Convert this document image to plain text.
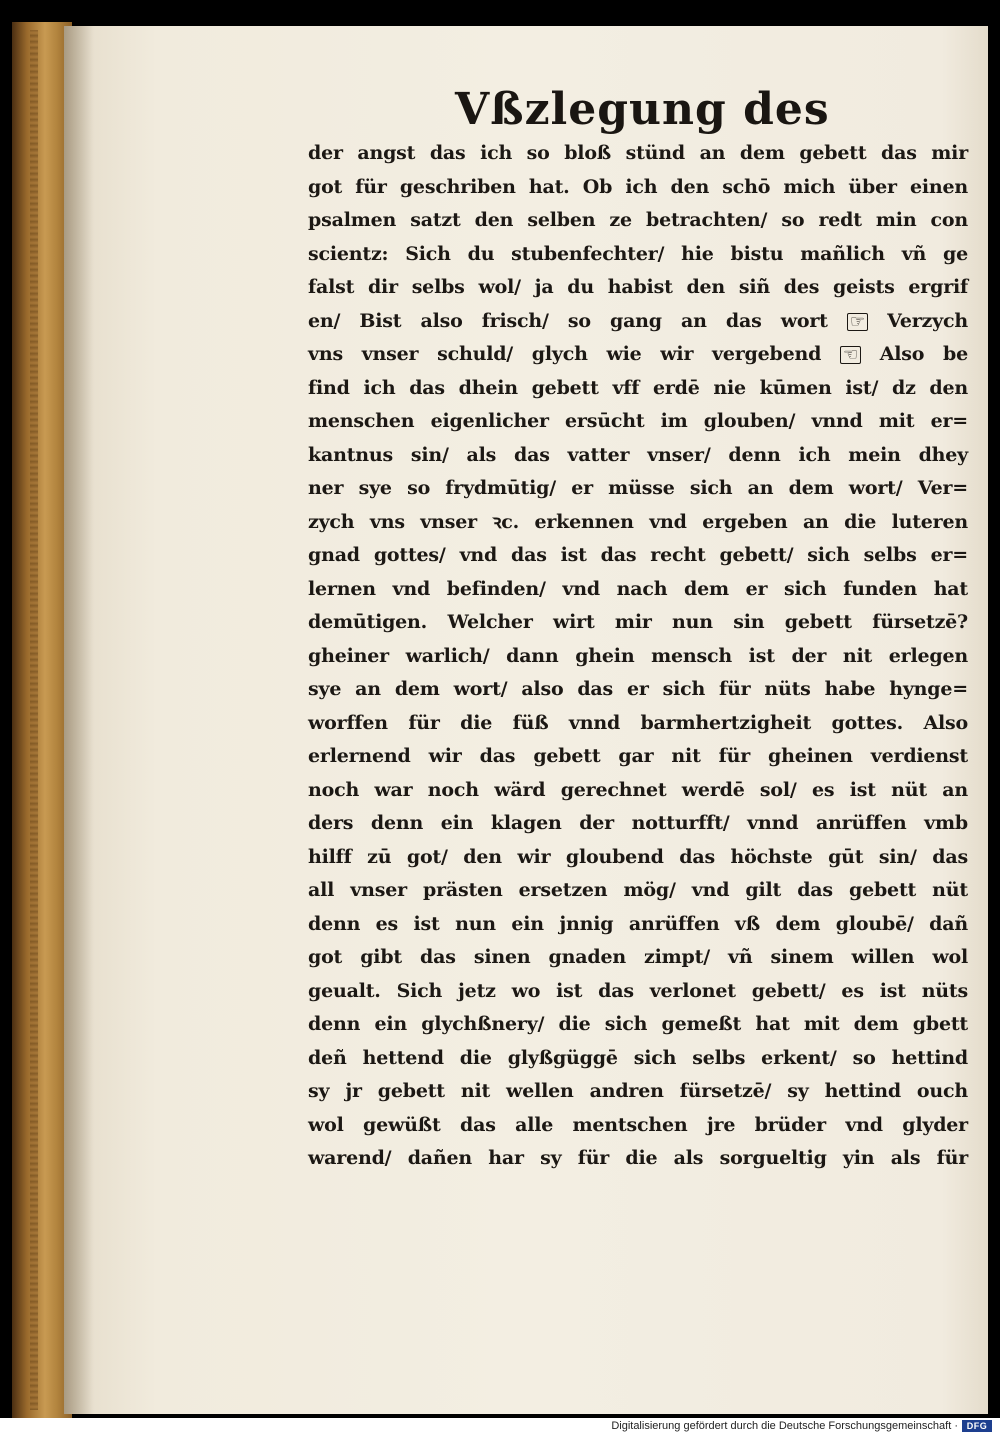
Vßzlegung des
der angst das ich so bloß stünd an dem gebett das mir
got für geschriben hat. Ob ich den schō mich über einen
psalmen satzt den selben ze betrachten/ so redt min con
scientz: Sich du stubenfechter/ hie bistu mañlich vñ ge
falst dir selbs wol/ ja du habist den siñ des geists ergrif
en/ Bist also frisch/ so gang an das wort ☞ Verzych
vns vnser schuld/ glych wie wir vergebend ☜ Also be
find ich das dhein gebett vff erdē nie kūmen ist/ dz den
menschen eigenlicher ersūcht im glouben/ vnnd mit er=
kantnus sin/ als das vatter vnser/ denn ich mein dhey
ner sye so frydmūtig/ er müsse sich an dem wort/ Ver=
zych vns vnser ꝛc. erkennen vnd ergeben an die luteren
gnad gottes/ vnd das ist das recht gebett/ sich selbs er=
lernen vnd befinden/ vnd nach dem er sich funden hat
demūtigen. Welcher wirt mir nun sin gebett fürsetzē?
gheiner warlich/ dann ghein mensch ist der nit erlegen
sye an dem wort/ also das er sich für nüts habe hynge=
worffen für die füß vnnd barmhertzigheit gottes. Also
erlernend wir das gebett gar nit für gheinen verdienst
noch war noch wärd gerechnet werdē sol/ es ist nüt an
ders denn ein klagen der notturfft/ vnnd anrüffen vmb
hilff zū got/ den wir gloubend das höchste gūt sin/ das
all vnser prästen ersetzen mög/ vnd gilt das gebett nüt
denn es ist nun ein jnnig anrüffen vß dem gloubē/ dañ
got gibt das sinen gnaden zimpt/ vñ sinem willen wol
geualt. Sich jetz wo ist das verlonet gebett/ es ist nüts
denn ein glychßnery/ die sich gemeßt hat mit dem gbett
deñ hettend die glyßgüggē sich selbs erkent/ so hettind
sy jr gebett nit wellen andren fürsetzē/ sy hettind ouch
wol gewüßt das alle mentschen jre brüder vnd glyder
warend/ dañen har sy für die als sorgueltig yin als für
Digitalisierung gefördert durch die Deutsche Forschungsgemeinschaft · DFG
